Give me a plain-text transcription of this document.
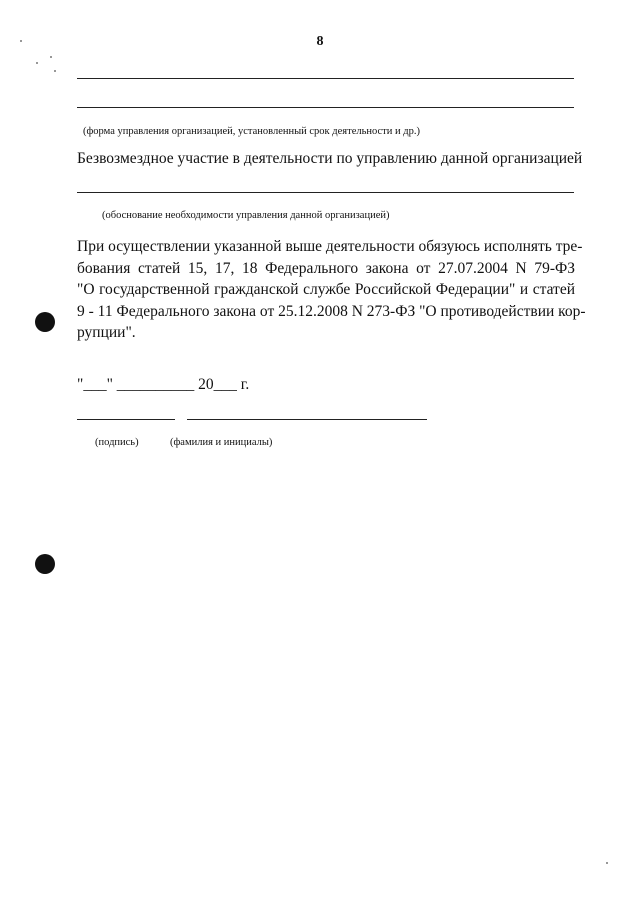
8
(форма управления организацией, установленный срок деятельности и др.)
Безвозмездное участие в деятельности по управлению данной организацией
(обоснование необходимости управления данной организацией)
При осуществлении указанной выше деятельности обязуюсь исполнять тре-
бования статей 15, 17, 18 Федерального закона от 27.07.2004 N 79-ФЗ
"О государственной гражданской службе Российской Федерации" и статей
9 - 11 Федерального закона от 25.12.2008 N 273-ФЗ "О противодействии кор-
рупции".
"___" __________ 20___ г.
(подпись)	(фамилия и инициалы)
